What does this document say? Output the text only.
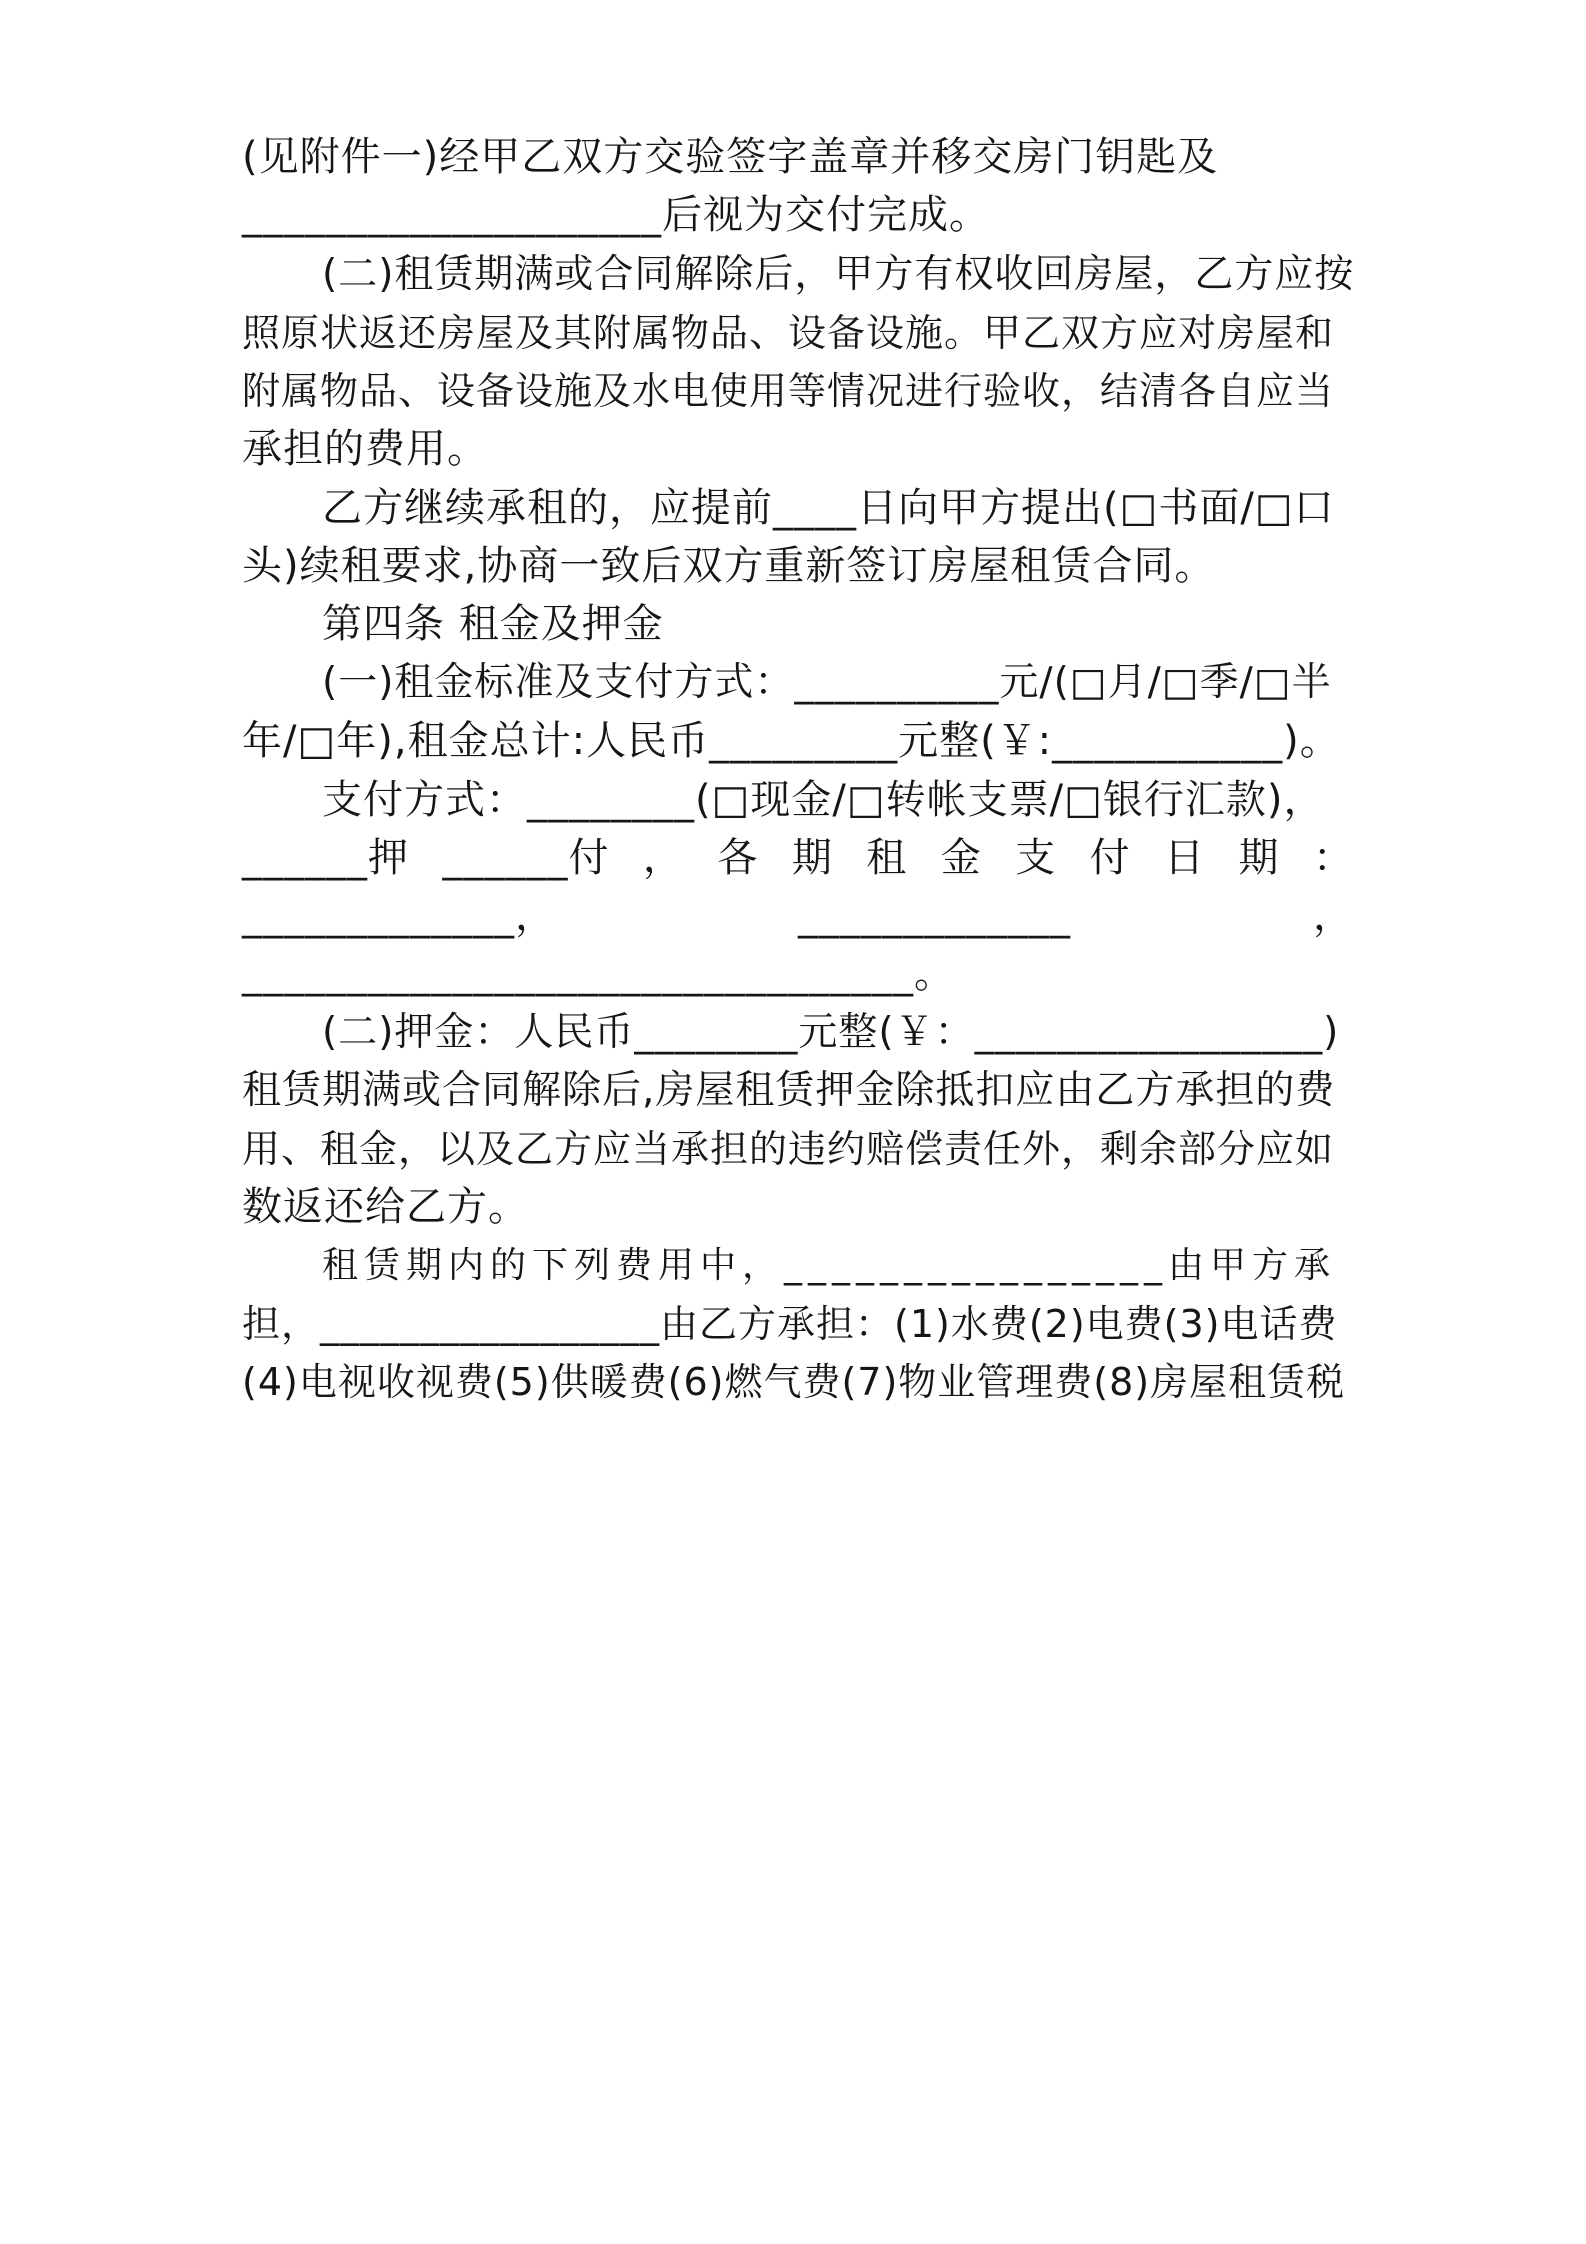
(见附件一)经甲乙双方交验签字盖章并移交房门钥匙及
____________________后视为交付完成。
(二)租赁期满或合同解除后，甲方有权收回房屋，乙方应按
照原状返还房屋及其附属物品、设备设施。甲乙双方应对房屋和
附属物品、设备设施及水电使用等情况进行验收，结清各自应当
承担的费用。
乙方继续承租的，应提前____日向甲方提出(□书面/□口
头)续租要求,协商一致后双方重新签订房屋租赁合同。
第四条 租金及押金
(一)租金标准及支付方式：__________元/(□月/□季/□半
年/□年),租金总计:人民币_________元整(￥:___________)。
支付方式：________(□现金/□转帐支票/□银行汇款)，
______押 ______付 ， 各 期 租 金 支 付 日 期 ：
_____________，	_____________	，
________________________________。
(二)押金：人民币________元整(￥：_________________)
租赁期满或合同解除后,房屋租赁押金除抵扣应由乙方承担的费
用、租金，以及乙方应当承担的违约赔偿责任外，剩余部分应如
数返还给乙方。
租赁期内的下列费用中，________________由甲方承
担，_________________由乙方承担：(1)水费(2)电费(3)电话费
(4)电视收视费(5)供暖费(6)燃气费(7)物业管理费(8)房屋租赁税
